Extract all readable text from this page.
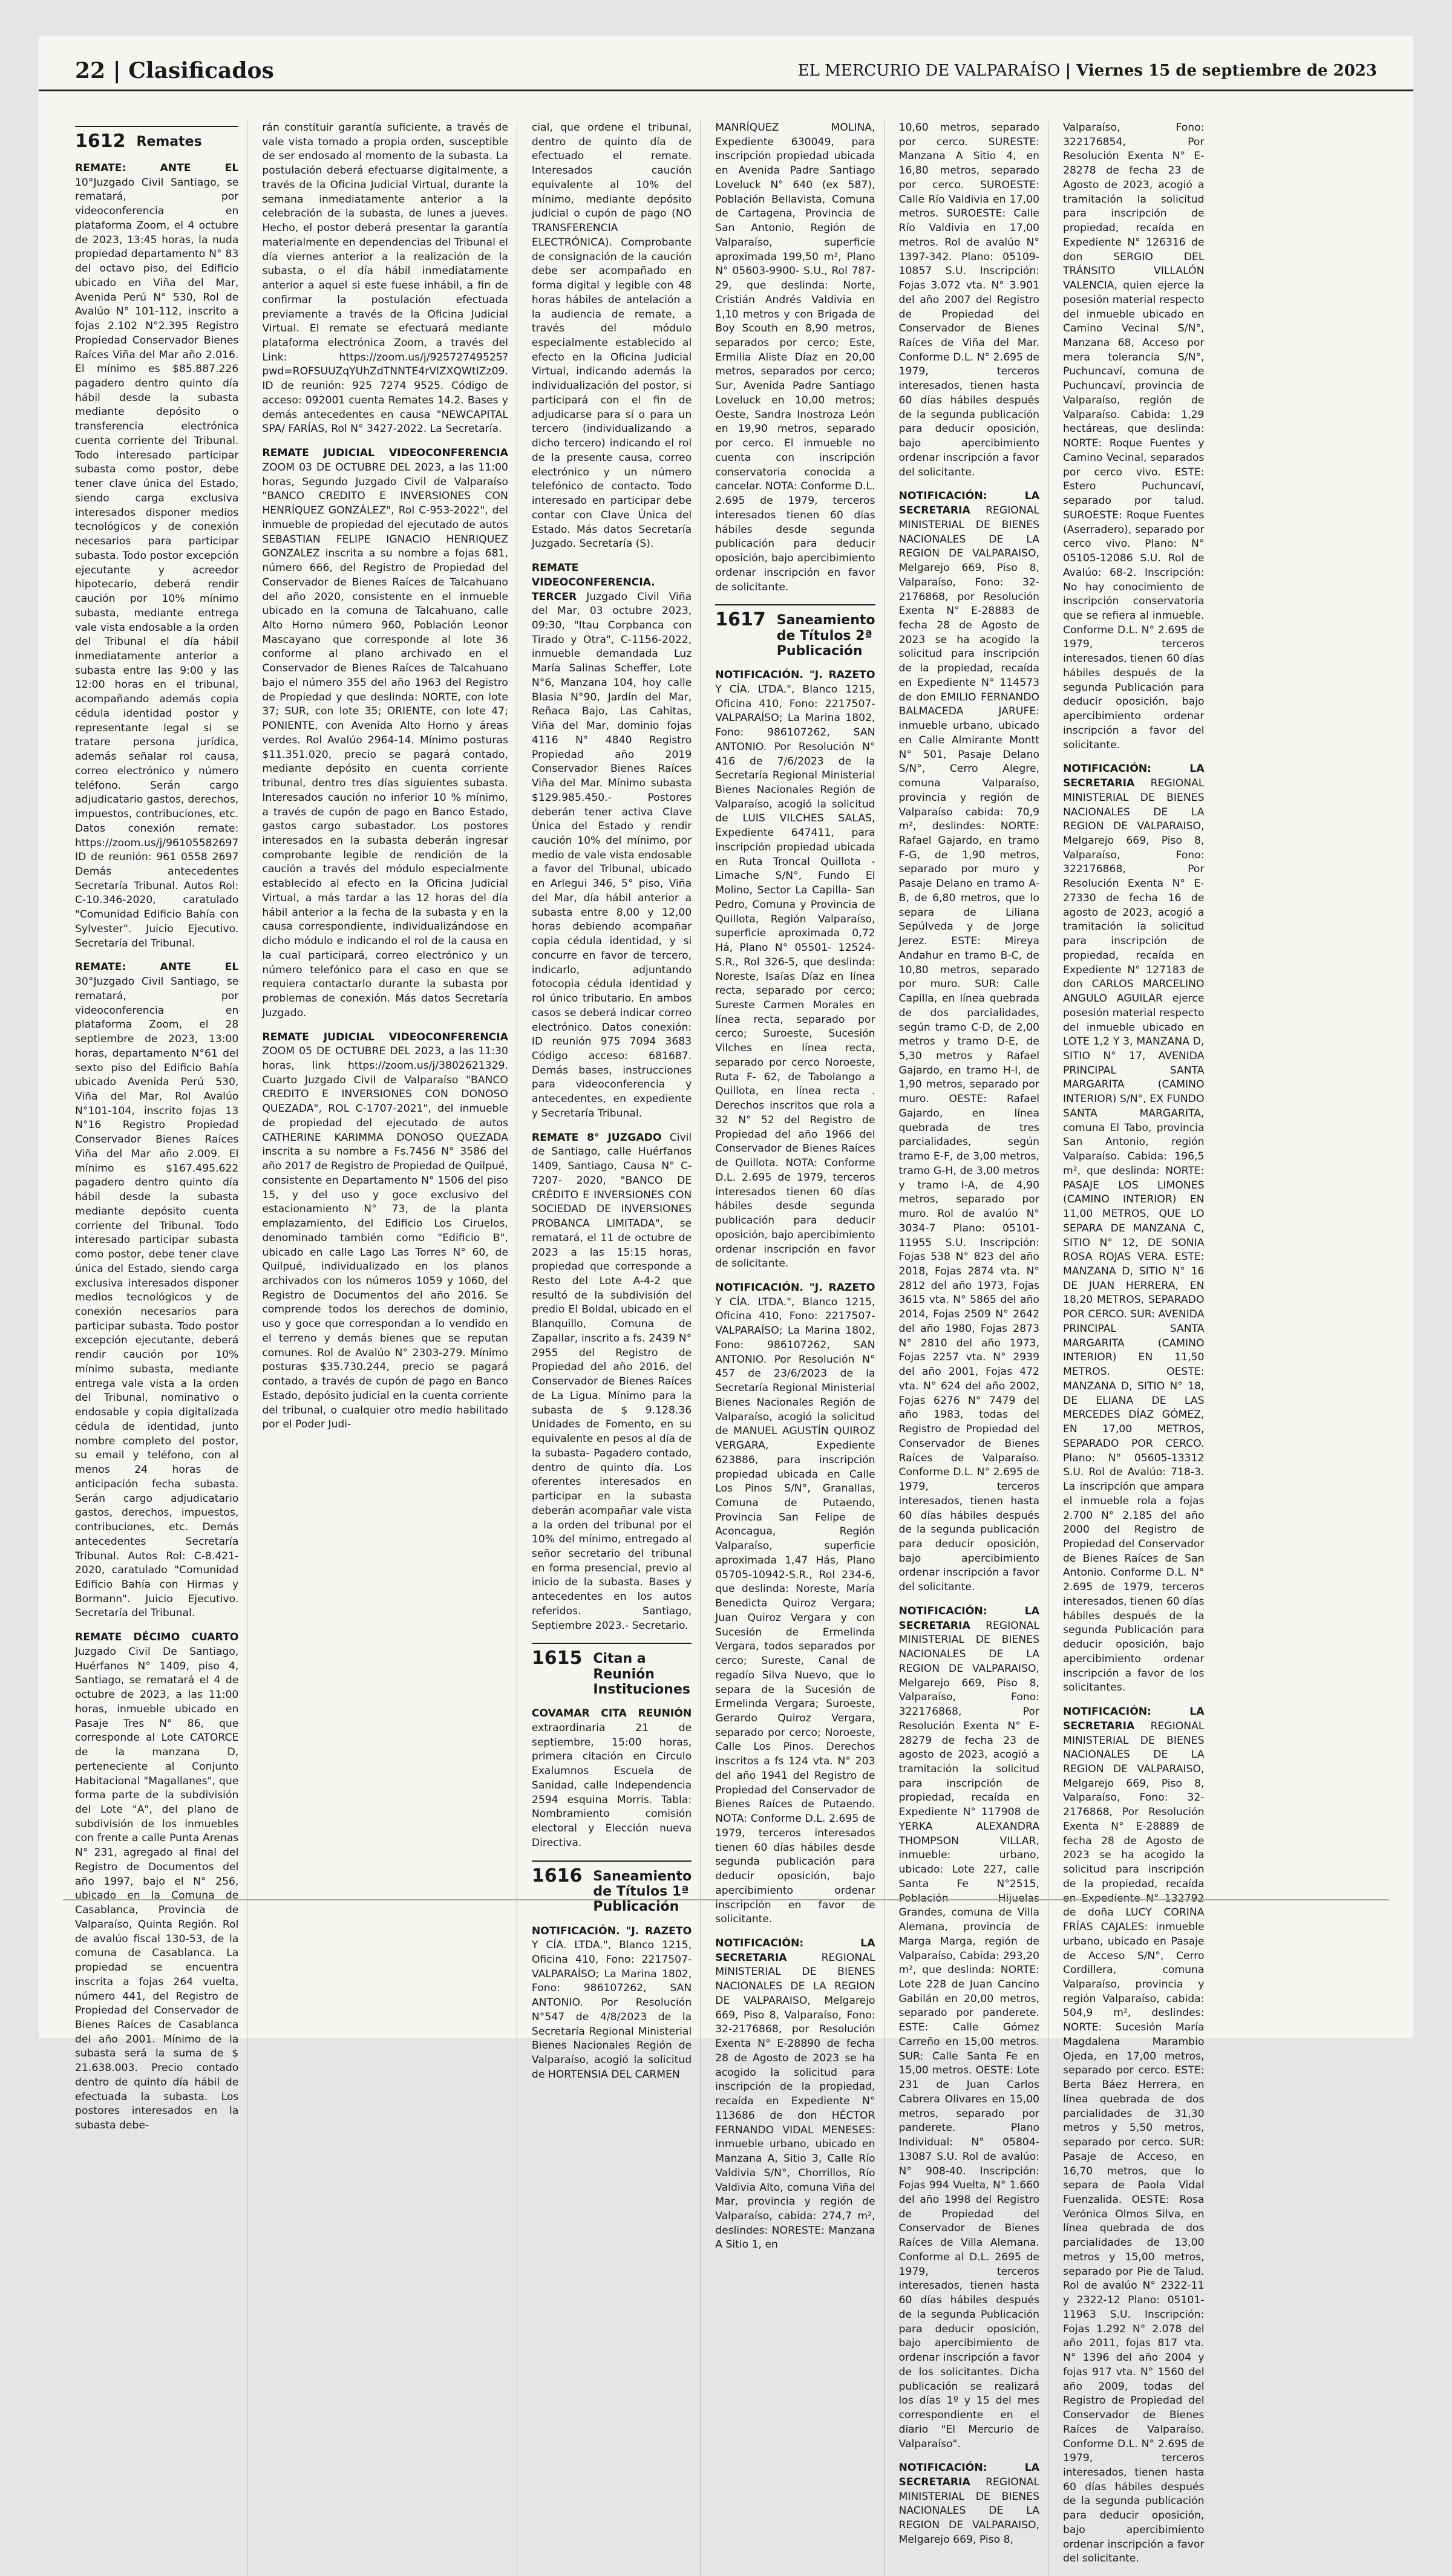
22 | Clasificados	EL MERCURIO DE VALPARAÍSO | Viernes 15 de septiembre de 2023
1612 Remates

REMATE: ANTE EL 10°Juzgado Civil Santiago, se rematará, por videoconferencia en plataforma Zoom, el 4 octubre de 2023, 13:45 horas, la nuda propiedad departamento N° 83 del octavo piso, del Edificio ubicado en Viña del Mar, Avenida Perú N° 530, Rol de Avalúo N° 101-112, inscrito a fojas 2.102 N°2.395 Registro Propiedad Conservador Bienes Raíces Viña del Mar año 2.016. El mínimo es $85.887.226 pagadero dentro quinto día hábil desde la subasta mediante depósito o transferencia electrónica cuenta corriente del Tribunal. Todo interesado participar subasta como postor, debe tener clave única del Estado, siendo carga exclusiva interesados disponer medios tecnológicos y de conexión necesarios para participar subasta. Todo postor excepción ejecutante y acreedor hipotecario, deberá rendir caución por 10% mínimo subasta, mediante entrega vale vista endosable a la orden del Tribunal el día hábil inmediatamente anterior a subasta entre las 9:00 y las 12:00 horas en el tribunal, acompañando además copia cédula identidad postor y representante legal si se tratare persona jurídica, además señalar rol causa, correo electrónico y número teléfono. Serán cargo adjudicatario gastos, derechos, impuestos, contribuciones, etc. Datos conexión remate: https://zoom.us/j/96105582697 ID de reunión: 961 0558 2697 Demás antecedentes Secretaría Tribunal. Autos Rol: C-10.346-2020, caratulado "Comunidad Edificio Bahía con Sylvester". Juicio Ejecutivo. Secretaría del Tribunal.

REMATE: ANTE EL 30°Juzgado Civil Santiago, se rematará, por videoconferencia en plataforma Zoom, el 28 septiembre de 2023, 13:00 horas, departamento N°61 del sexto piso del Edificio Bahía ubicado Avenida Perú 530, Viña del Mar, Rol Avalúo N°101-104, inscrito fojas 13 N°16 Registro Propiedad Conservador Bienes Raíces Viña del Mar año 2.009. El mínimo es $167.495.622 pagadero dentro quinto día hábil desde la subasta mediante depósito cuenta corriente del Tribunal. Todo interesado participar subasta como postor, debe tener clave única del Estado, siendo carga exclusiva interesados disponer medios tecnológicos y de conexión necesarios para participar subasta. Todo postor excepción ejecutante, deberá rendir caución por 10% mínimo subasta, mediante entrega vale vista a la orden del Tribunal, nominativo o endosable y copia digitalizada cédula de identidad, junto nombre completo del postor, su email y teléfono, con al menos 24 horas de anticipación fecha subasta. Serán cargo adjudicatario gastos, derechos, impuestos, contribuciones, etc. Demás antecedentes Secretaría Tribunal. Autos Rol: C-8.421-2020, caratulado "Comunidad Edificio Bahía con Hirmas y Bormann". Juicio Ejecutivo. Secretaría del Tribunal.

REMATE DÉCIMO CUARTO Juzgado Civil De Santiago, Huérfanos N° 1409, piso 4, Santiago, se rematará el 4 de octubre de 2023, a las 11:00 horas, inmueble ubicado en Pasaje Tres N° 86, que corresponde al Lote CATORCE de la manzana D, perteneciente al Conjunto Habitacional "Magallanes", que forma parte de la subdivisión del Lote "A", del plano de subdivisión de los inmuebles con frente a calle Punta Arenas N° 231, agregado al final del Registro de Documentos del año 1997, bajo el N° 256, ubicado en la Comuna de Casablanca, Provincia de Valparaíso, Quinta Región. Rol de avalúo fiscal 130-53, de la comuna de Casablanca. La propiedad se encuentra inscrita a fojas 264 vuelta, número 441, del Registro de Propiedad del Conservador de Bienes Raíces de Casablanca del año 2001. Mínimo de la subasta será la suma de $ 21.638.003. Precio contado dentro de quinto día hábil de efectuada la subasta. Los postores interesados en la subasta debe-

rán constituir garantía suficiente, a través de vale vista tomado a propia orden, susceptible de ser endosado al momento de la subasta. La postulación deberá efectuarse digitalmente, a través de la Oficina Judicial Virtual, durante la semana inmediatamente anterior a la celebración de la subasta, de lunes a jueves. Hecho, el postor deberá presentar la garantía materialmente en dependencias del Tribunal el día viernes anterior a la realización de la subasta, o el día hábil inmediatamente anterior a aquel si este fuese inhábil, a fin de confirmar la postulación efectuada previamente a través de la Oficina Judicial Virtual. El remate se efectuará mediante plataforma electrónica Zoom, a través del Link: https://zoom.us/j/92572749525?pwd=ROFSUUZqYUhZdTNNTE4rVlZXQWtIZz09. ID de reunión: 925 7274 9525. Código de acceso: 092001 cuenta Remates 14.2. Bases y demás antecedentes en causa "NEWCAPITAL SPA/ FARÍAS, Rol N° 3427-2022. La Secretaría.

REMATE JUDICIAL VIDEOCONFERENCIA ZOOM 03 DE OCTUBRE DEL 2023, a las 11:00 horas, Segundo Juzgado Civil de Valparaíso "BANCO CREDITO E INVERSIONES CON HENRÍQUEZ GONZÁLEZ", Rol C-953-2022", del inmueble de propiedad del ejecutado de autos SEBASTIAN FELIPE IGNACIO HENRIQUEZ GONZALEZ inscrita a su nombre a fojas 681, número 666, del Registro de Propiedad del Conservador de Bienes Raíces de Talcahuano del año 2020, consistente en el inmueble ubicado en la comuna de Talcahuano, calle Alto Horno número 960, Población Leonor Mascayano que corresponde al lote 36 conforme al plano archivado en el Conservador de Bienes Raíces de Talcahuano bajo el número 355 del año 1963 del Registro de Propiedad y que deslinda: NORTE, con lote 37; SUR, con lote 35; ORIENTE, con lote 47; PONIENTE, con Avenida Alto Horno y áreas verdes. Rol Avalúo 2964-14. Mínimo posturas $11.351.020, precio se pagará contado, mediante depósito en cuenta corriente tribunal, dentro tres días siguientes subasta. Interesados caución no inferior 10 % mínimo, a través de cupón de pago en Banco Estado, gastos cargo subastador. Los postores interesados en la subasta deberán ingresar comprobante legible de rendición de la caución a través del módulo especialmente establecido al efecto en la Oficina Judicial Virtual, a más tardar a las 12 horas del día hábil anterior a la fecha de la subasta y en la causa correspondiente, individualizándose en dicho módulo e indicando el rol de la causa en la cual participará, correo electrónico y un número telefónico para el caso en que se requiera contactarlo durante la subasta por problemas de conexión. Más datos Secretaría Juzgado.

REMATE JUDICIAL VIDEOCONFERENCIA ZOOM 05 DE OCTUBRE DEL 2023, a las 11:30 horas, link https://zoom.us/j/3802621329. Cuarto Juzgado Civil de Valparaíso "BANCO CREDITO E INVERSIONES CON DONOSO QUEZADA", ROL C-1707-2021", del inmueble de propiedad del ejecutado de autos CATHERINE KARIMMA DONOSO QUEZADA inscrita a su nombre a Fs.7456 N° 3586 del año 2017 de Registro de Propiedad de Quilpué, consistente en Departamento N° 1506 del piso 15, y del uso y goce exclusivo del estacionamiento N° 73, de la planta emplazamiento, del Edificio Los Ciruelos, denominado también como "Edificio B", ubicado en calle Lago Las Torres N° 60, de Quilpué, individualizado en los planos archivados con los números 1059 y 1060, del Registro de Documentos del año 2016. Se comprende todos los derechos de dominio, uso y goce que correspondan a lo vendido en el terreno y demás bienes que se reputan comunes. Rol de Avalúo N° 2303-279. Mínimo posturas $35.730.244, precio se pagará contado, a través de cupón de pago en Banco Estado, depósito judicial en la cuenta corriente del tribunal, o cualquier otro medio habilitado por el Poder Judi-

cial, que ordene el tribunal, dentro de quinto día de efectuado el remate. Interesados caución equivalente al 10% del mínimo, mediante depósito judicial o cupón de pago (NO TRANSFERENCIA ELECTRÓNICA). Comprobante de consignación de la caución debe ser acompañado en forma digital y legible con 48 horas hábiles de antelación a la audiencia de remate, a través del módulo especialmente establecido al efecto en la Oficina Judicial Virtual, indicando además la individualización del postor, si participará con el fin de adjudicarse para sí o para un tercero (individualizando a dicho tercero) indicando el rol de la presente causa, correo electrónico y un número telefónico de contacto. Todo interesado en participar debe contar con Clave Única del Estado. Más datos Secretaría Juzgado. Secretaría (S).

REMATE VIDEOCONFERENCIA. TERCER Juzgado Civil Viña del Mar, 03 octubre 2023, 09:30, "Itau Corpbanca con Tirado y Otra", C-1156-2022, inmueble demandada Luz María Salinas Scheffer, Lote N°6, Manzana 104, hoy calle Blasia N°90, Jardín del Mar, Reñaca Bajo, Las Cahitas, Viña del Mar, dominio fojas 4116 N° 4840 Registro Propiedad año 2019 Conservador Bienes Raíces Viña del Mar. Mínimo subasta $129.985.450.- Postores deberán tener activa Clave Única del Estado y rendir caución 10% del mínimo, por medio de vale vista endosable a favor del Tribunal, ubicado en Arlegui 346, 5° piso, Viña del Mar, día hábil anterior a subasta entre 8,00 y 12,00 horas debiendo acompañar copia cédula identidad, y si concurre en favor de tercero, indicarlo, adjuntando fotocopia cédula identidad y rol único tributario. En ambos casos se deberá indicar correo electrónico. Datos conexión: ID reunión 975 7094 3683 Código acceso: 681687. Demás bases, instrucciones para videoconferencia y antecedentes, en expediente y Secretaría Tribunal.

REMATE 8° JUZGADO Civil de Santiago, calle Huérfanos 1409, Santiago, Causa N° C-7207- 2020, "BANCO DE CRÉDITO E INVERSIONES CON SOCIEDAD DE INVERSIONES PROBANCA LIMITADA", se rematará, el 11 de octubre de 2023 a las 15:15 horas, propiedad que corresponde a Resto del Lote A-4-2 que resultó de la subdivisión del predio El Boldal, ubicado en el Blanquillo, Comuna de Zapallar, inscrito a fs. 2439 N° 2955 del Registro de Propiedad del año 2016, del Conservador de Bienes Raíces de La Ligua. Mínimo para la subasta de $ 9.128.36 Unidades de Fomento, en su equivalente en pesos al día de la subasta- Pagadero contado, dentro de quinto día. Los oferentes interesados en participar en la subasta deberán acompañar vale vista a la orden del tribunal por el 10% del mínimo, entregado al señor secretario del tribunal en forma presencial, previo al inicio de la subasta. Bases y antecedentes en los autos referidos. Santiago, Septiembre 2023.- Secretario.

1615 Citan a Reunión Instituciones

COVAMAR CITA REUNIÓN extraordinaria 21 de septiembre, 15:00 horas, primera citación en Circulo Exalumnos Escuela de Sanidad, calle Independencia 2594 esquina Morris. Tabla: Nombramiento comisión electoral y Elección nueva Directiva.

1616 Saneamiento de Títulos 1ª Publicación

NOTIFICACIÓN. "J. RAZETO Y CÍA. LTDA.", Blanco 1215, Oficina 410, Fono: 2217507-VALPARAÍSO; La Marina 1802, Fono: 986107262, SAN ANTONIO. Por Resolución N°547 de 4/8/2023 de la Secretaría Regional Ministerial Bienes Nacionales Región de Valparaíso, acogió la solicitud de HORTENSIA DEL CARMEN

MANRÍQUEZ MOLINA, Expediente 630049, para inscripción propiedad ubicada en Avenida Padre Santiago Loveluck N° 640 (ex 587), Población Bellavista, Comuna de Cartagena, Provincia de San Antonio, Región de Valparaíso, superficie aproximada 199,50 m², Plano N° 05603-9900- S.U., Rol 787-29, que deslinda: Norte, Cristián Andrés Valdivia en 1,10 metros y con Brigada de Boy Scouth en 8,90 metros, separados por cerco; Este, Ermilia Aliste Díaz en 20,00 metros, separados por cerco; Sur, Avenida Padre Santiago Loveluck en 10,00 metros; Oeste, Sandra Inostroza León en 19,90 metros, separado por cerco. El inmueble no cuenta con inscripción conservatoria conocida a cancelar. NOTA: Conforme D.L. 2.695 de 1979, terceros interesados tienen 60 días hábiles desde segunda publicación para deducir oposición, bajo apercibimiento ordenar inscripción en favor de solicitante.

1617 Saneamiento de Títulos 2ª Publicación

NOTIFICACIÓN. "J. RAZETO Y CÍA. LTDA.", Blanco 1215, Oficina 410, Fono: 2217507-VALPARAÍSO; La Marina 1802, Fono: 986107262, SAN ANTONIO. Por Resolución N° 416 de 7/6/2023 de la Secretaría Regional Ministerial Bienes Nacionales Región de Valparaíso, acogió la solicitud de LUIS VILCHES SALAS, Expediente 647411, para inscripción propiedad ubicada en Ruta Troncal Quillota - Limache S/N°, Fundo El Molino, Sector La Capilla- San Pedro, Comuna y Provincia de Quillota, Región Valparaíso, superficie aproximada 0,72 Há, Plano N° 05501- 12524- S.R., Rol 326-5, que deslinda: Noreste, Isaías Díaz en línea recta, separado por cerco; Sureste Carmen Morales en línea recta, separado por cerco; Suroeste, Sucesión Vilches en línea recta, separado por cerco Noroeste, Ruta F- 62, de Tabolango a Quillota, en línea recta . Derechos inscritos que rola a 32 N° 52 del Registro de Propiedad del año 1966 del Conservador de Bienes Raíces de Quillota. NOTA: Conforme D.L. 2.695 de 1979, terceros interesados tienen 60 días hábiles desde segunda publicación para deducir oposición, bajo apercibimiento ordenar inscripción en favor de solicitante.

NOTIFICACIÓN. "J. RAZETO Y CÍA. LTDA.", Blanco 1215, Oficina 410, Fono: 2217507-VALPARAÍSO; La Marina 1802, Fono: 986107262, SAN ANTONIO. Por Resolución N° 457 de 23/6/2023 de la Secretaría Regional Ministerial Bienes Nacionales Región de Valparaíso, acogió la solicitud de MANUEL AGUSTÍN QUIROZ VERGARA, Expediente 623886, para inscripción propiedad ubicada en Calle Los Pinos S/N°, Granallas, Comuna de Putaendo, Provincia San Felipe de Aconcagua, Región Valparaíso, superficie aproximada 1,47 Hás, Plano 05705-10942-S.R., Rol 234-6, que deslinda: Noreste, María Benedicta Quiroz Vergara; Juan Quiroz Vergara y con Sucesión de Ermelinda Vergara, todos separados por cerco; Sureste, Canal de regadío Silva Nuevo, que lo separa de la Sucesión de Ermelinda Vergara; Suroeste, Gerardo Quiroz Vergara, separado por cerco; Noroeste, Calle Los Pinos. Derechos inscritos a fs 124 vta. N° 203 del año 1941 del Registro de Propiedad del Conservador de Bienes Raíces de Putaendo. NOTA: Conforme D.L. 2.695 de 1979, terceros interesados tienen 60 días hábiles desde segunda publicación para deducir oposición, bajo apercibimiento ordenar inscripción en favor de solicitante.

NOTIFICACIÓN: LA SECRETARIA REGIONAL MINISTERIAL DE BIENES NACIONALES DE LA REGION DE VALPARAISO, Melgarejo 669, Piso 8, Valparaíso, Fono: 32-2176868, por Resolución Exenta N° E-28890 de fecha 28 de Agosto de 2023 se ha acogido la solicitud para inscripción de la propiedad, recaída en Expediente N° 113686 de don HÉCTOR FERNANDO VIDAL MENESES: inmueble urbano, ubicado en Manzana A, Sitio 3, Calle Río Valdivia S/N°, Chorrillos, Río Valdivia Alto, comuna Viña del Mar, provincia y región de Valparaíso, cabida: 274,7 m², deslindes: NORESTE: Manzana A Sitio 1, en

10,60 metros, separado por cerco. SURESTE: Manzana A Sitio 4, en 16,80 metros, separado por cerco. SUROESTE: Calle Río Valdivia en 17,00 metros. SUROESTE: Calle Río Valdivia en 17,00 metros. Rol de avalúo N° 1397-342. Plano: 05109-10857 S.U. Inscripción: Fojas 3.072 vta. N° 3.901 del año 2007 del Registro de Propiedad del Conservador de Bienes Raíces de Viña del Mar. Conforme D.L. N° 2.695 de 1979, terceros interesados, tienen hasta 60 días hábiles después de la segunda publicación para deducir oposición, bajo apercibimiento ordenar inscripción a favor del solicitante.

NOTIFICACIÓN: LA SECRETARIA REGIONAL MINISTERIAL DE BIENES NACIONALES DE LA REGION DE VALPARAISO, Melgarejo 669, Piso 8, Valparaíso, Fono: 32-2176868, por Resolución Exenta N° E-28883 de fecha 28 de Agosto de 2023 se ha acogido la solicitud para inscripción de la propiedad, recaída en Expediente N° 114573 de don EMILIO FERNANDO BALMACEDA JARUFE: inmueble urbano, ubicado en Calle Almirante Montt N° 501, Pasaje Delano S/N°, Cerro Alegre, comuna Valparaíso, provincia y región de Valparaíso cabida: 70,9 m², deslindes: NORTE: Rafael Gajardo, en tramo F-G, de 1,90 metros, separado por muro y Pasaje Delano en tramo A-B, de 6,80 metros, que lo separa de Liliana Sepúlveda y de Jorge Jerez. ESTE: Mireya Andahur en tramo B-C, de 10,80 metros, separado por muro. SUR: Calle Capilla, en línea quebrada de dos parcialidades, según tramo C-D, de 2,00 metros y tramo D-E, de 5,30 metros y Rafael Gajardo, en tramo H-I, de 1,90 metros, separado por muro. OESTE: Rafael Gajardo, en línea quebrada de tres parcialidades, según tramo E-F, de 3,00 metros, tramo G-H, de 3,00 metros y tramo I-A, de 4,90 metros, separado por muro. Rol de avalúo N° 3034-7 Plano: 05101-11955 S.U. Inscripción: Fojas 538 N° 823 del año 2018, Fojas 2874 vta. N° 2812 del año 1973, Fojas 3615 vta. N° 5865 del año 2014, Fojas 2509 N° 2642 del año 1980, Fojas 2873 N° 2810 del año 1973, Fojas 2257 vta. N° 2939 del año 2001, Fojas 472 vta. N° 624 del año 2002, Fojas 6276 N° 7479 del año 1983, todas del Registro de Propiedad del Conservador de Bienes Raíces de Valparaíso. Conforme D.L. N° 2.695 de 1979, terceros interesados, tienen hasta 60 días hábiles después de la segunda publicación para deducir oposición, bajo apercibimiento ordenar inscripción a favor del solicitante.

NOTIFICACIÓN: LA SECRETARIA REGIONAL MINISTERIAL DE BIENES NACIONALES DE LA REGION DE VALPARAISO, Melgarejo 669, Piso 8, Valparaíso, Fono: 322176868, Por Resolución Exenta N° E-28279 de fecha 23 de agosto de 2023, acogió a tramitación la solicitud para inscripción de propiedad, recaída en Expediente N° 117908 de YERKA ALEXANDRA THOMPSON VILLAR, inmueble: urbano, ubicado: Lote 227, calle Santa Fe N°2515, Población Hijuelas Grandes, comuna de Villa Alemana, provincia de Marga Marga, región de Valparaíso, Cabida: 293,20 m², que deslinda: NORTE: Lote 228 de Juan Cancino Gabilán en 20,00 metros, separado por panderete. ESTE: Calle Gómez Carreño en 15,00 metros. SUR: Calle Santa Fe en 15,00 metros. OESTE: Lote 231 de Juan Carlos Cabrera Olivares en 15,00 metros, separado por panderete. Plano Individual: N° 05804-13087 S.U. Rol de avalúo: N° 908-40. Inscripción: Fojas 994 Vuelta, N° 1.660 del año 1998 del Registro de Propiedad del Conservador de Bienes Raíces de Villa Alemana. Conforme al D.L. 2695 de 1979, terceros interesados, tienen hasta 60 días hábiles después de la segunda Publicación para deducir oposición, bajo apercibimiento de ordenar inscripción a favor de los solicitantes. Dicha publicación se realizará los días 1º y 15 del mes correspondiente en el diario "El Mercurio de Valparaíso".

NOTIFICACIÓN: LA SECRETARIA REGIONAL MINISTERIAL DE BIENES NACIONALES DE LA REGION DE VALPARAISO, Melgarejo 669, Piso 8,

Valparaíso, Fono: 322176854, Por Resolución Exenta N° E-28278 de fecha 23 de Agosto de 2023, acogió a tramitación la solicitud para inscripción de propiedad, recaída en Expediente N° 126316 de don SERGIO DEL TRÁNSITO VILLALÓN VALENCIA, quien ejerce la posesión material respecto del inmueble ubicado en Camino Vecinal S/N°, Manzana 68, Acceso por mera tolerancia S/N°, Puchuncaví, comuna de Puchuncaví, provincia de Valparaíso, región de Valparaíso. Cabida: 1,29 hectáreas, que deslinda: NORTE: Roque Fuentes y Camino Vecinal, separados por cerco vivo. ESTE: Estero Puchuncaví, separado por talud. SUROESTE: Roque Fuentes (Aserradero), separado por cerco vivo. Plano: N° 05105-12086 S.U. Rol de Avalúo: 68-2. Inscripción: No hay conocimiento de inscripción conservatoria que se refiera al inmueble. Conforme D.L. N° 2.695 de 1979, terceros interesados, tienen 60 días hábiles después de la segunda Publicación para deducir oposición, bajo apercibimiento ordenar inscripción a favor del solicitante.

NOTIFICACIÓN: LA SECRETARIA REGIONAL MINISTERIAL DE BIENES NACIONALES DE LA REGION DE VALPARAISO, Melgarejo 669, Piso 8, Valparaíso, Fono: 322176868, Por Resolución Exenta N° E-27330 de fecha 16 de agosto de 2023, acogió a tramitación la solicitud para inscripción de propiedad, recaída en Expediente N° 127183 de don CARLOS MARCELINO ANGULO AGUILAR ejerce posesión material respecto del inmueble ubicado en LOTE 1,2 Y 3, MANZANA D, SITIO N° 17, AVENIDA PRINCIPAL SANTA MARGARITA (CAMINO INTERIOR) S/N°, EX FUNDO SANTA MARGARITA, comuna El Tabo, provincia San Antonio, región Valparaíso. Cabida: 196,5 m², que deslinda: NORTE: PASAJE LOS LIMONES (CAMINO INTERIOR) EN 11,00 METROS, QUE LO SEPARA DE MANZANA C, SITIO N° 12, DE SONIA ROSA ROJAS VERA. ESTE: MANZANA D, SITIO N° 16 DE JUAN HERRERA, EN 18,20 METROS, SEPARADO POR CERCO. SUR: AVENIDA PRINCIPAL SANTA MARGARITA (CAMINO INTERIOR) EN 11,50 METROS. OESTE: MANZANA D, SITIO N° 18, DE ELIANA DE LAS MERCEDES DÍAZ GÓMEZ, EN 17,00 METROS, SEPARADO POR CERCO. Plano: N° 05605-13312 S.U. Rol de Avalúo: 718-3. La inscripción que ampara el inmueble rola a fojas 2.700 N° 2.185 del año 2000 del Registro de Propiedad del Conservador de Bienes Raíces de San Antonio. Conforme D.L. N° 2.695 de 1979, terceros interesados, tienen 60 días hábiles después de la segunda Publicación para deducir oposición, bajo apercibimiento ordenar inscripción a favor de los solicitantes.

NOTIFICACIÓN: LA SECRETARIA REGIONAL MINISTERIAL DE BIENES NACIONALES DE LA REGION DE VALPARAISO, Melgarejo 669, Piso 8, Valparaíso, Fono: 32-2176868, Por Resolución Exenta N° E-28889 de fecha 28 de Agosto de 2023 se ha acogido la solicitud para inscripción de la propiedad, recaída en Expediente N° 132792 de doña LUCY CORINA FRÍAS CAJALES: inmueble urbano, ubicado en Pasaje de Acceso S/N°, Cerro Cordillera, comuna Valparaíso, provincia y región Valparaíso, cabida: 504,9 m², deslindes: NORTE: Sucesión María Magdalena Marambio Ojeda, en 17,00 metros, separado por cerco. ESTE: Berta Báez Herrera, en línea quebrada de dos parcialidades de 31,30 metros y 5,50 metros, separado por cerco. SUR: Pasaje de Acceso, en 16,70 metros, que lo separa de Paola Vidal Fuenzalida. OESTE: Rosa Verónica Olmos Silva, en línea quebrada de dos parcialidades de 13,00 metros y 15,00 metros, separado por Pie de Talud. Rol de avalúo N° 2322-11 y 2322-12 Plano: 05101-11963 S.U. Inscripción: Fojas 1.292 N° 2.078 del año 2011, fojas 817 vta. N° 1396 del año 2004 y fojas 917 vta. N° 1560 del año 2009, todas del Registro de Propiedad del Conservador de Bienes Raíces de Valparaíso. Conforme D.L. N° 2.695 de 1979, terceros interesados, tienen hasta 60 días hábiles después de la segunda publicación para deducir oposición, bajo apercibimiento ordenar inscripción a favor del solicitante.
